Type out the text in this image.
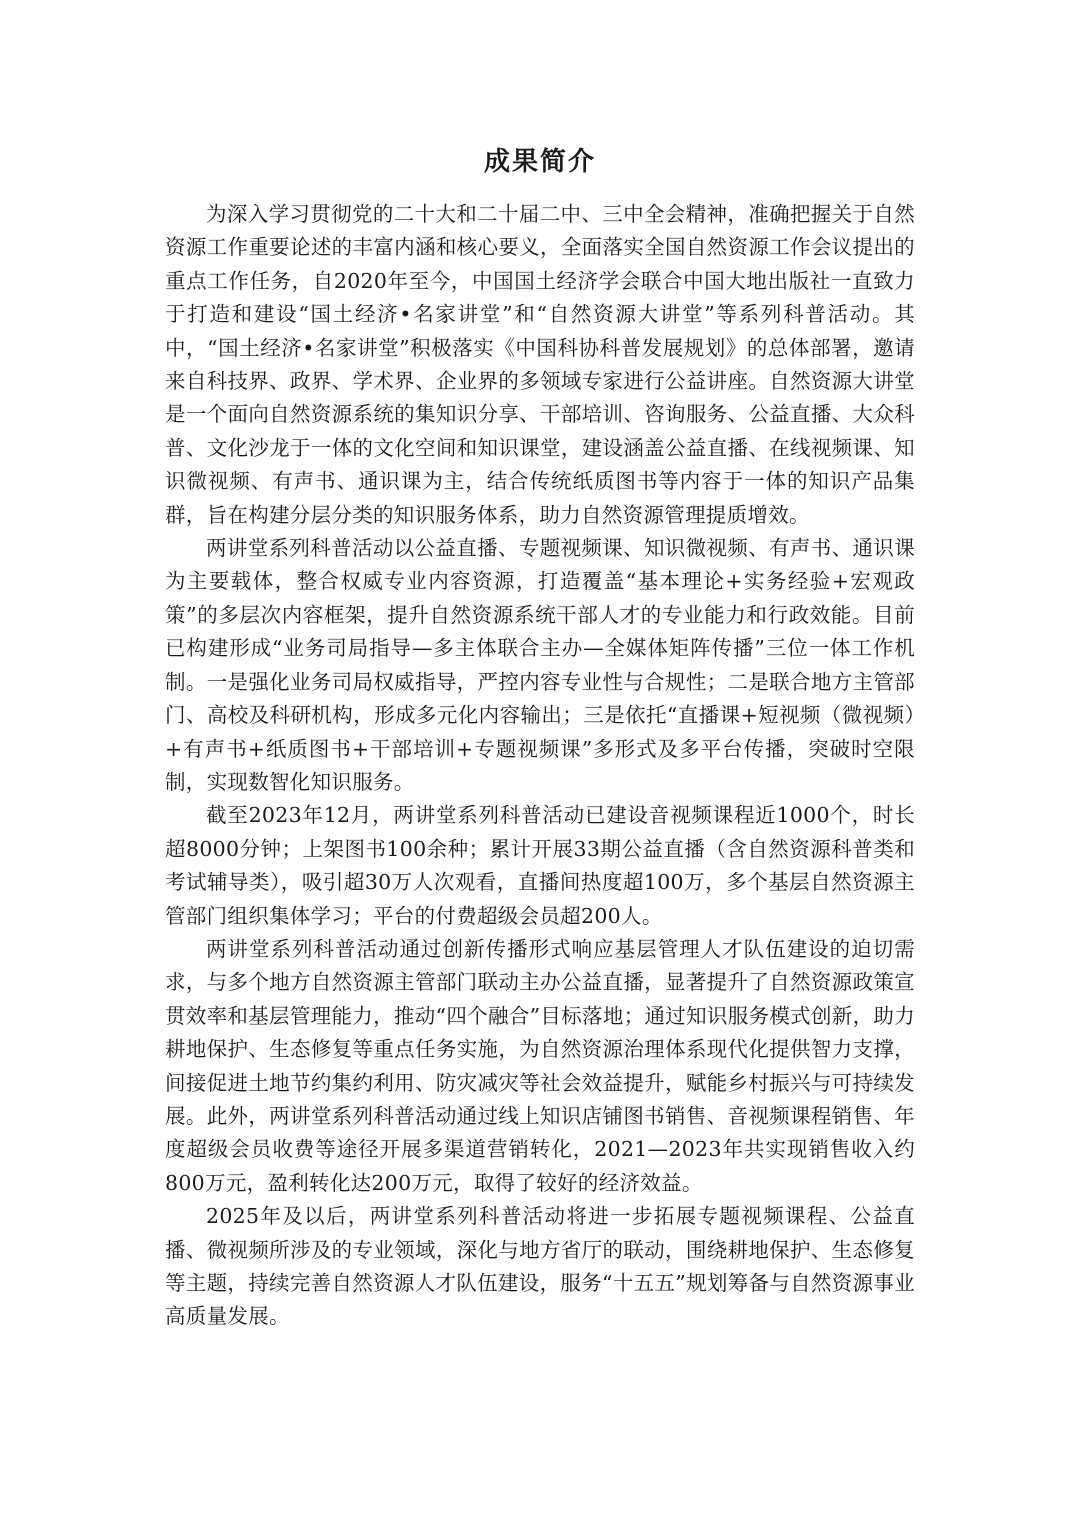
成果简介

为深入学习贯彻党的二十大和二十届二中、三中全会精神，准确把握关于自然资源工作重要论述的丰富内涵和核心要义，全面落实全国自然资源工作会议提出的重点工作任务，自2020年至今，中国国土经济学会联合中国大地出版社一直致力于打造和建设“国土经济•名家讲堂”和“自然资源大讲堂”等系列科普活动。其中，“国土经济•名家讲堂”积极落实《中国科协科普发展规划》的总体部署，邀请来自科技界、政界、学术界、企业界的多领域专家进行公益讲座。自然资源大讲堂是一个面向自然资源系统的集知识分享、干部培训、咨询服务、公益直播、大众科普、文化沙龙于一体的文化空间和知识课堂，建设涵盖公益直播、在线视频课、知识微视频、有声书、通识课为主，结合传统纸质图书等内容于一体的知识产品集群，旨在构建分层分类的知识服务体系，助力自然资源管理提质增效。

两讲堂系列科普活动以公益直播、专题视频课、知识微视频、有声书、通识课为主要载体，整合权威专业内容资源，打造覆盖“基本理论+实务经验+宏观政策”的多层次内容框架，提升自然资源系统干部人才的专业能力和行政效能。目前已构建形成“业务司局指导—多主体联合主办—全媒体矩阵传播”三位一体工作机制。一是强化业务司局权威指导，严控内容专业性与合规性；二是联合地方主管部门、高校及科研机构，形成多元化内容输出；三是依托“直播课+短视频（微视频）+有声书+纸质图书+干部培训+专题视频课”多形式及多平台传播，突破时空限制，实现数智化知识服务。

截至2023年12月，两讲堂系列科普活动已建设音视频课程近1000个，时长超8000分钟；上架图书100余种；累计开展33期公益直播（含自然资源科普类和考试辅导类），吸引超30万人次观看，直播间热度超100万，多个基层自然资源主管部门组织集体学习；平台的付费超级会员超200人。

两讲堂系列科普活动通过创新传播形式响应基层管理人才队伍建设的迫切需求，与多个地方自然资源主管部门联动主办公益直播，显著提升了自然资源政策宣贯效率和基层管理能力，推动“四个融合”目标落地；通过知识服务模式创新，助力耕地保护、生态修复等重点任务实施，为自然资源治理体系现代化提供智力支撑，间接促进土地节约集约利用、防灾减灾等社会效益提升，赋能乡村振兴与可持续发展。此外，两讲堂系列科普活动通过线上知识店铺图书销售、音视频课程销售、年度超级会员收费等途径开展多渠道营销转化，2021—2023年共实现销售收入约800万元，盈利转化达200万元，取得了较好的经济效益。

2025年及以后，两讲堂系列科普活动将进一步拓展专题视频课程、公益直播、微视频所涉及的专业领域，深化与地方省厅的联动，围绕耕地保护、生态修复等主题，持续完善自然资源人才队伍建设，服务“十五五”规划筹备与自然资源事业高质量发展。
